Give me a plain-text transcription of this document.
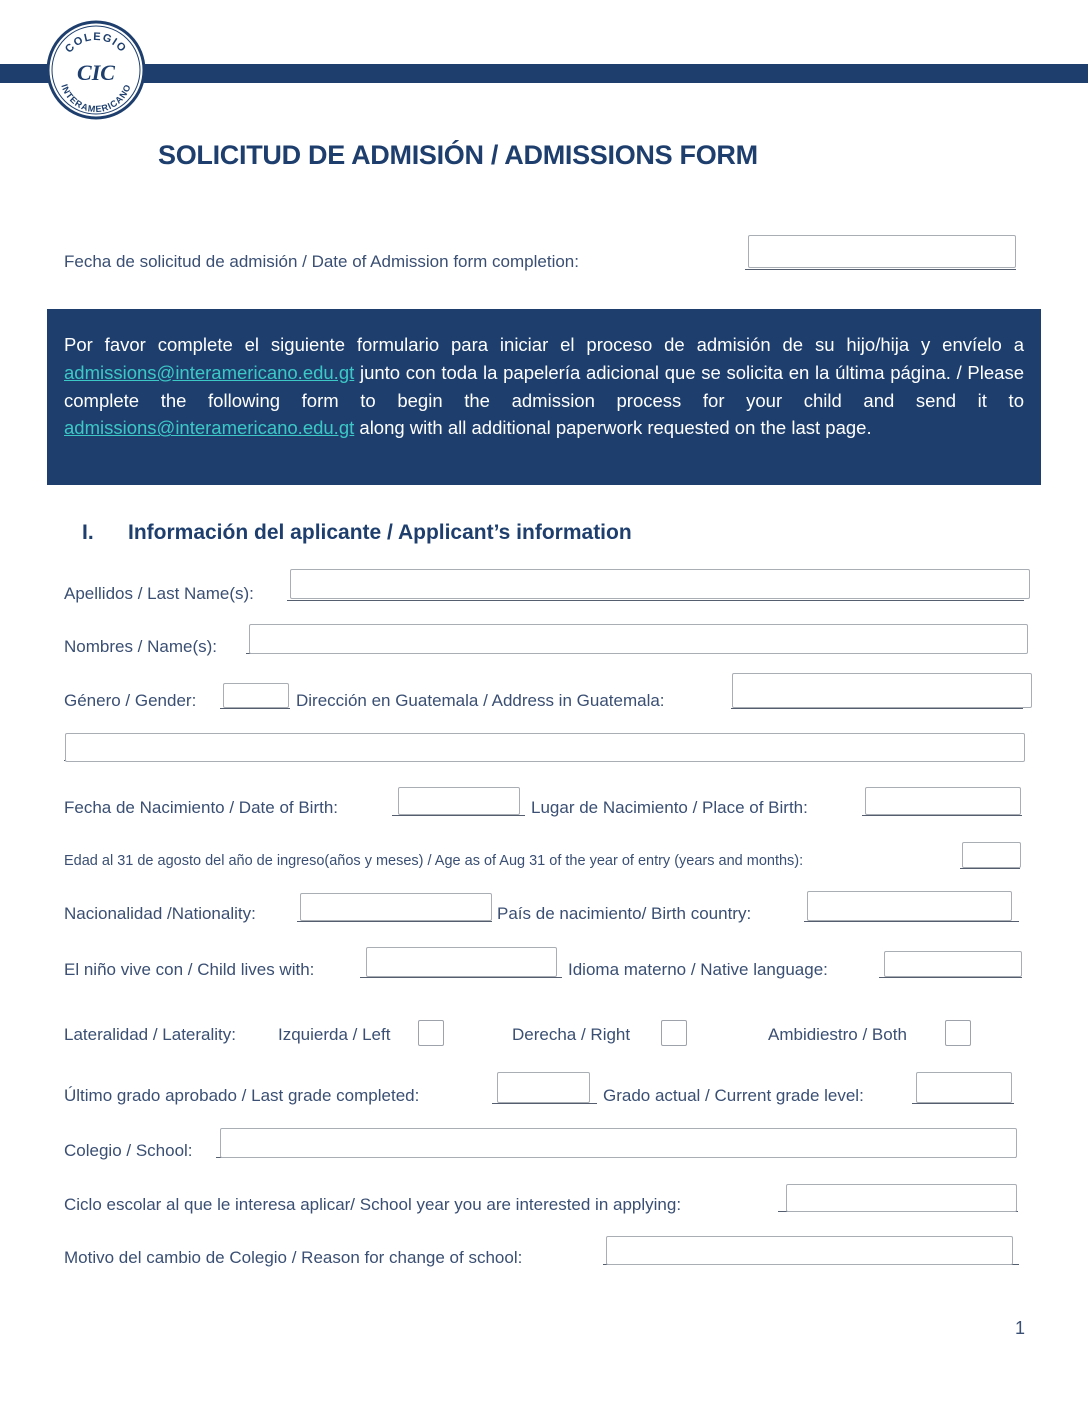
COLEGIO
INTERAMERICANO
CIC
SOLICITUD DE ADMISIÓN / ADMISSIONS FORM
Fecha de solicitud de admisión / Date of Admission form completion:
Por favor complete el siguiente formulario para iniciar el proceso de admisión de su hijo/hija y envíelo a admissions@interamericano.edu.gt junto con toda la papelería adicional que se solicita en la última página. / Please complete the following form to begin the admission process for your child and send it to admissions@interamericano.edu.gt along with all additional paperwork requested on the last page.
I. Información del aplicante / Applicant’s information
Apellidos / Last Name(s):
Nombres / Name(s):
Género / Gender:	Dirección en Guatemala / Address in Guatemala:
Fecha de Nacimiento / Date of Birth:	Lugar de Nacimiento / Place of Birth:
Edad al 31 de agosto del año de ingreso(años y meses) / Age as of Aug 31 of the year of entry (years and months):
Nacionalidad /Nationality:	País de nacimiento/ Birth country:
El niño vive con / Child lives with:	Idioma materno / Native language:
Lateralidad / Laterality: Izquierda / Left	Derecha / Right	Ambidiestro / Both
Último grado aprobado / Last grade completed:	Grado actual / Current grade level:
Colegio / School:
Ciclo escolar al que le interesa aplicar/ School year you are interested in applying:
Motivo del cambio de Colegio / Reason for change of school:
1
